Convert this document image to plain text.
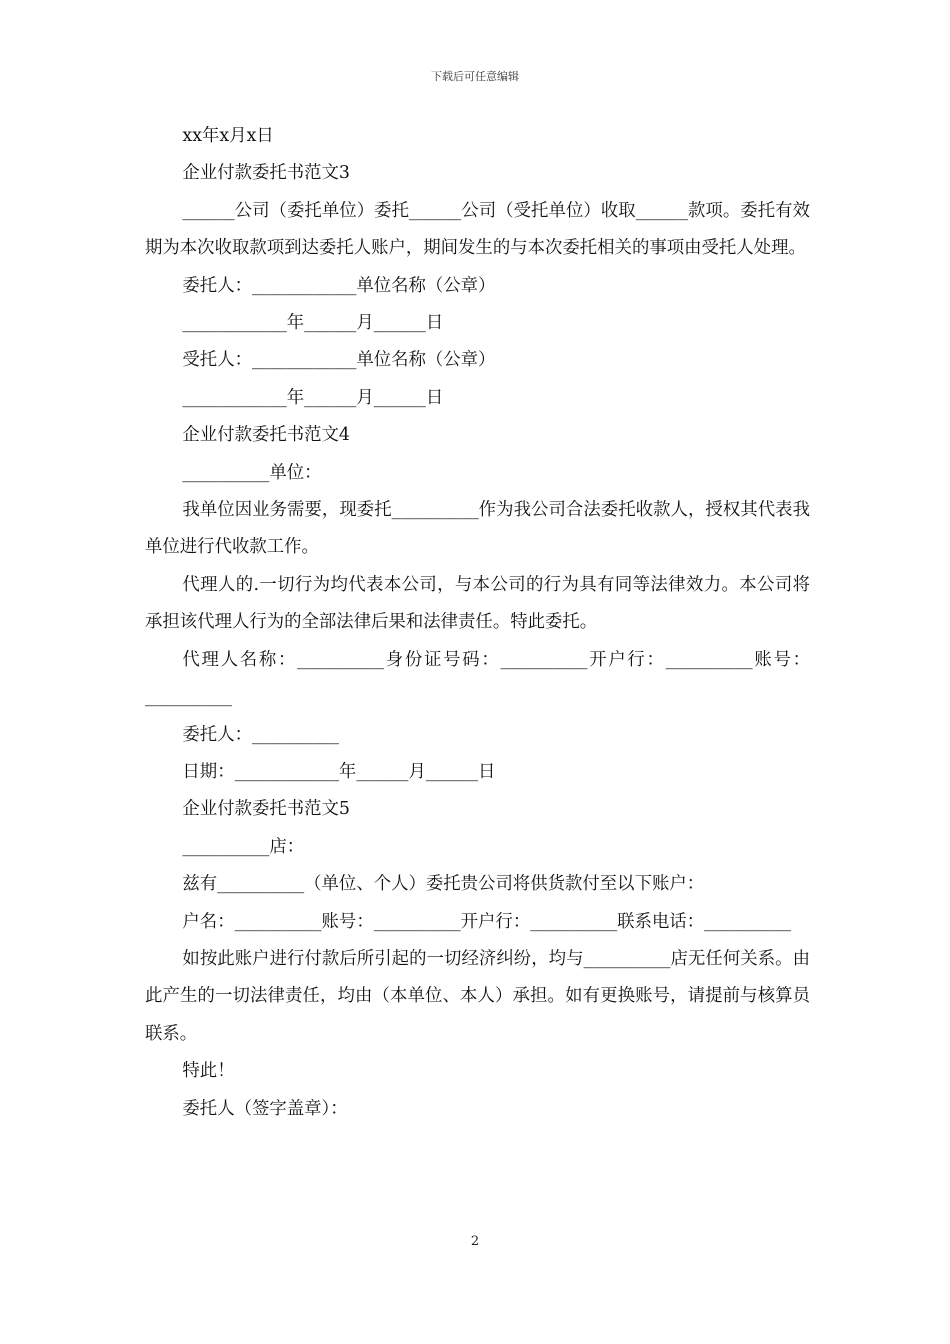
下载后可任意编辑

xx年x月x日

企业付款委托书范文3

______公司（委托单位）委托______公司（受托单位）收取______款项。委托有效期为本次收取款项到达委托人账户，期间发生的与本次委托相关的事项由受托人处理。

委托人：____________单位名称（公章）

____________年______月______日

受托人：____________单位名称（公章）

____________年______月______日

企业付款委托书范文4

__________单位：

我单位因业务需要，现委托__________作为我公司合法委托收款人，授权其代表我单位进行代收款工作。

代理人的.一切行为均代表本公司，与本公司的行为具有同等法律效力。本公司将承担该代理人行为的全部法律后果和法律责任。特此委托。

代理人名称：__________身份证号码：__________开户行：__________账号：__________

委托人：__________

日期：____________年______月______日

企业付款委托书范文5

__________店：

兹有__________（单位、个人）委托贵公司将供货款付至以下账户：

户名：__________账号：__________开户行：__________联系电话：__________

如按此账户进行付款后所引起的一切经济纠纷，均与__________店无任何关系。由此产生的一切法律责任，均由（本单位、本人）承担。如有更换账号，请提前与核算员联系。

特此！

委托人（签字盖章）：

2
